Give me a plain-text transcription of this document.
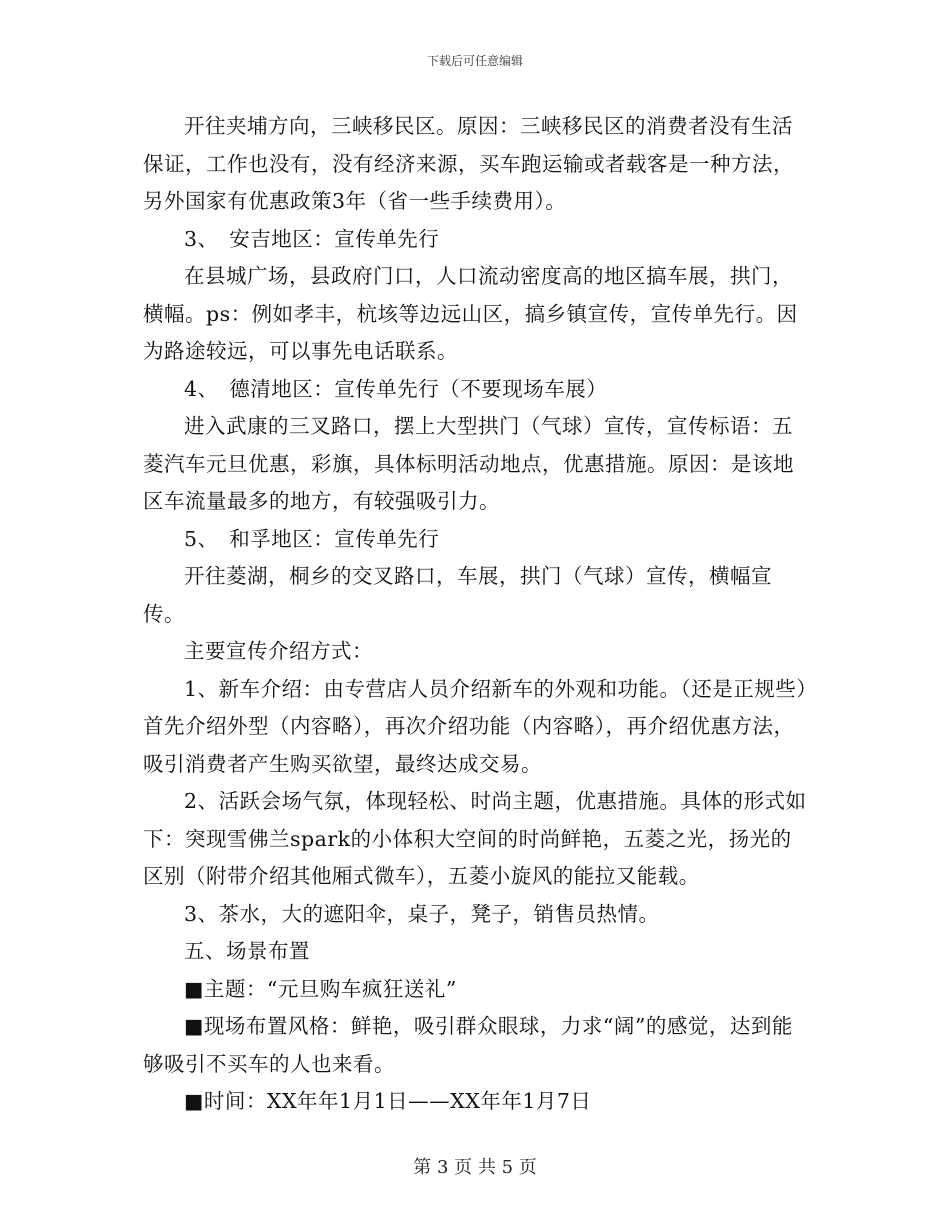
下载后可任意编辑

开往夹埔方向，三峡移民区。原因：三峡移民区的消费者没有生活保证，工作也没有，没有经济来源，买车跑运输或者载客是一种方法，另外国家有优惠政策3年（省一些手续费用）。

3、　安吉地区：宣传单先行

在县城广场，县政府门口，人口流动密度高的地区搞车展，拱门，横幅。ps：例如孝丰，杭垓等边远山区，搞乡镇宣传，宣传单先行。因为路途较远，可以事先电话联系。

4、　德清地区：宣传单先行（不要现场车展）

进入武康的三叉路口，摆上大型拱门（气球）宣传，宣传标语：五菱汽车元旦优惠，彩旗，具体标明活动地点，优惠措施。原因：是该地区车流量最多的地方，有较强吸引力。

5、　和孚地区：宣传单先行

开往菱湖，桐乡的交叉路口，车展，拱门（气球）宣传，横幅宣传。

主要宣传介绍方式：

1、新车介绍：由专营店人员介绍新车的外观和功能。（还是正规些）首先介绍外型（内容略），再次介绍功能（内容略），再介绍优惠方法，吸引消费者产生购买欲望，最终达成交易。

2、活跃会场气氛，体现轻松、时尚主题，优惠措施。具体的形式如下：突现雪佛兰spark的小体积大空间的时尚鲜艳，五菱之光，扬光的区别（附带介绍其他厢式微车），五菱小旋风的能拉又能载。

3、茶水，大的遮阳伞，桌子，凳子，销售员热情。

五、场景布置

■主题：“元旦购车疯狂送礼”

■现场布置风格：鲜艳，吸引群众眼球，力求“阔”的感觉，达到能够吸引不买车的人也来看。

■时间：XX年年1月1日——XX年年1月7日

第 3 页 共 5 页
